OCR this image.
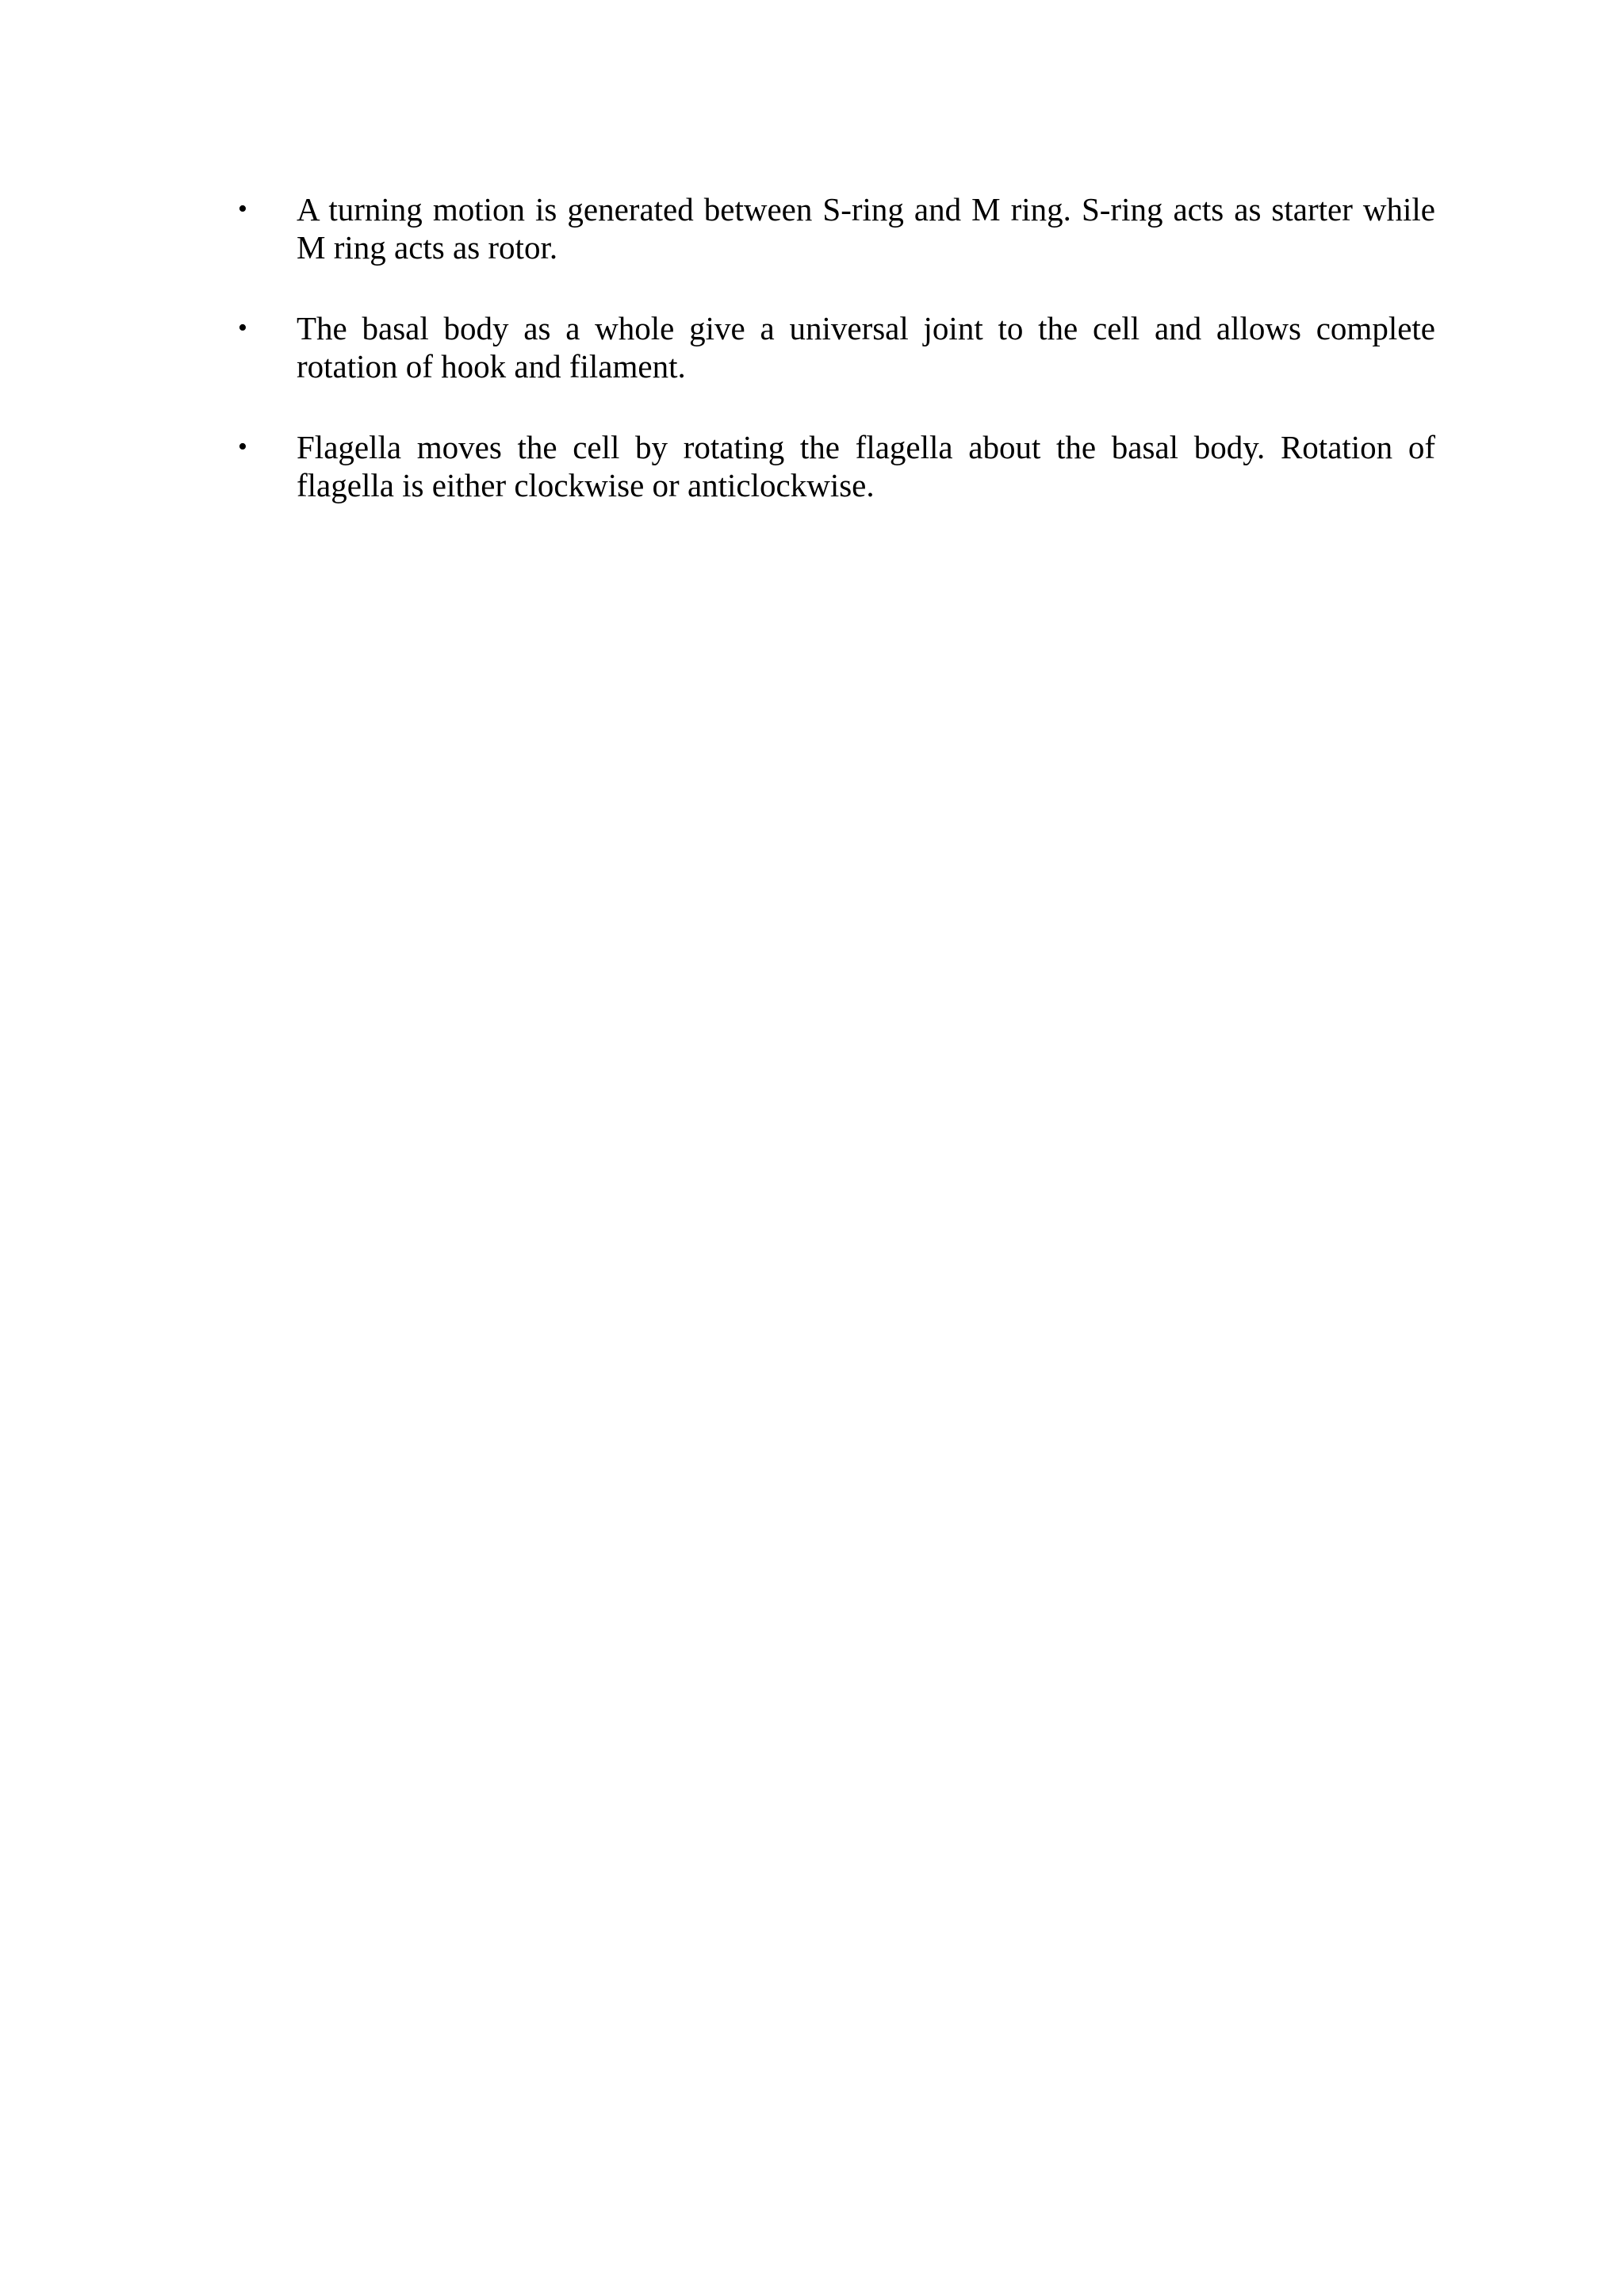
• A turning motion is generated between S-ring and M ring. S-ring acts as starter while M ring acts as rotor.
• The basal body as a whole give a universal joint to the cell and allows complete rotation of hook and filament.
• Flagella moves the cell by rotating the flagella about the basal body. Rotation of flagella is either clockwise or anticlockwise.
